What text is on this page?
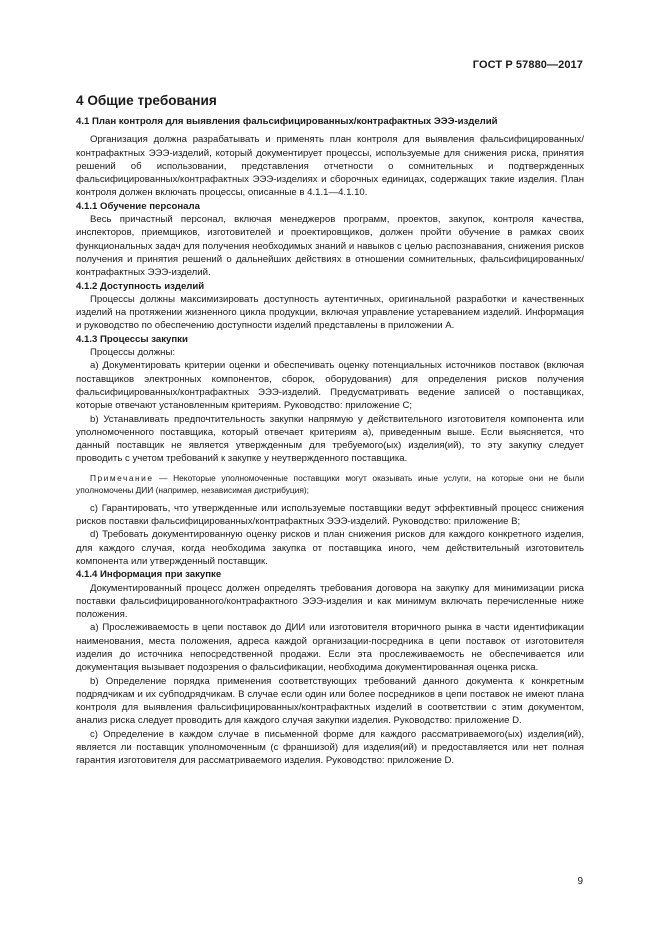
ГОСТ Р 57880—2017
4 Общие требования
4.1 План контроля для выявления фальсифицированных/контрафактных ЭЭЭ-изделий

Организация должна разрабатывать и применять план контроля для выявления фальсифицированных/контрафактных ЭЭЭ-изделий, который документирует процессы, используемые для снижения риска, принятия решений об использовании, представления отчетности о сомнительных и подтвержденных фальсифицированных/контрафактных ЭЭЭ-изделиях и сборочных единицах, содержащих такие изделия. План контроля должен включать процессы, описанные в 4.1.1—4.1.10.

4.1.1 Обучение персонала

Весь причастный персонал, включая менеджеров программ, проектов, закупок, контроля качества, инспекторов, приемщиков, изготовителей и проектировщиков, должен пройти обучение в рамках своих функциональных задач для получения необходимых знаний и навыков с целью распознавания, снижения рисков получения и принятия решений о дальнейших действиях в отношении сомнительных, фальсифицированных/контрафактных ЭЭЭ-изделий.

4.1.2 Доступность изделий

Процессы должны максимизировать доступность аутентичных, оригинальной разработки и качественных изделий на протяжении жизненного цикла продукции, включая управление устареванием изделий. Информация и руководство по обеспечению доступности изделий представлены в приложении А.

4.1.3 Процессы закупки

Процессы должны:

а) Документировать критерии оценки и обеспечивать оценку потенциальных источников поставок (включая поставщиков электронных компонентов, сборок, оборудования) для определения рисков получения фальсифицированных/контрафактных ЭЭЭ-изделий. Предусматривать ведение записей о поставщиках, которые отвечают установленным критериям. Руководство: приложение С;

b) Устанавливать предпочтительность закупки напрямую у действительного изготовителя компонента или уполномоченного поставщика, который отвечает критериям а), приведенным выше. Если выясняется, что данный поставщик не является утвержденным для требуемого(ых) изделия(ий), то эту закупку следует проводить с учетом требований к закупке у неутвержденного поставщика.

Примечание — Некоторые уполномоченные поставщики могут оказывать иные услуги, на которые они не были уполномочены ДИИ (например, независимая дистрибуция);

с) Гарантировать, что утвержденные или используемые поставщики ведут эффективный процесс снижения рисков поставки фальсифицированных/контрафактных ЭЭЭ-изделий. Руководство: приложение В;

d) Требовать документированную оценку рисков и план снижения рисков для каждого конкретного изделия, для каждого случая, когда необходима закупка от поставщика иного, чем действительный изготовитель компонента или утвержденный поставщик.

4.1.4 Информация при закупке

Документированный процесс должен определять требования договора на закупку для минимизации риска поставки фальсифицированного/контрафактного ЭЭЭ-изделия и как минимум включать перечисленные ниже положения.

а) Прослеживаемость в цепи поставок до ДИИ или изготовителя вторичного рынка в части идентификации наименования, места положения, адреса каждой организации-посредника в цепи поставок от изготовителя изделия до источника непосредственной продажи. Если эта прослеживаемость не обеспечивается или документация вызывает подозрения о фальсификации, необходима документированная оценка риска.

b) Определение порядка применения соответствующих требований данного документа к конкретным подрядчикам и их субподрядчикам. В случае если один или более посредников в цепи поставок не имеют плана контроля для выявления фальсифицированных/контрафактных изделий в соответствии с этим документом, анализ риска следует проводить для каждого случая закупки изделия. Руководство: приложение D.

с) Определение в каждом случае в письменной форме для каждого рассматриваемого(ых) изделия(ий), является ли поставщик уполномоченным (с франшизой) для изделия(ий) и предоставляется или нет полная гарантия изготовителя для рассматриваемого изделия. Руководство: приложение D.

9
